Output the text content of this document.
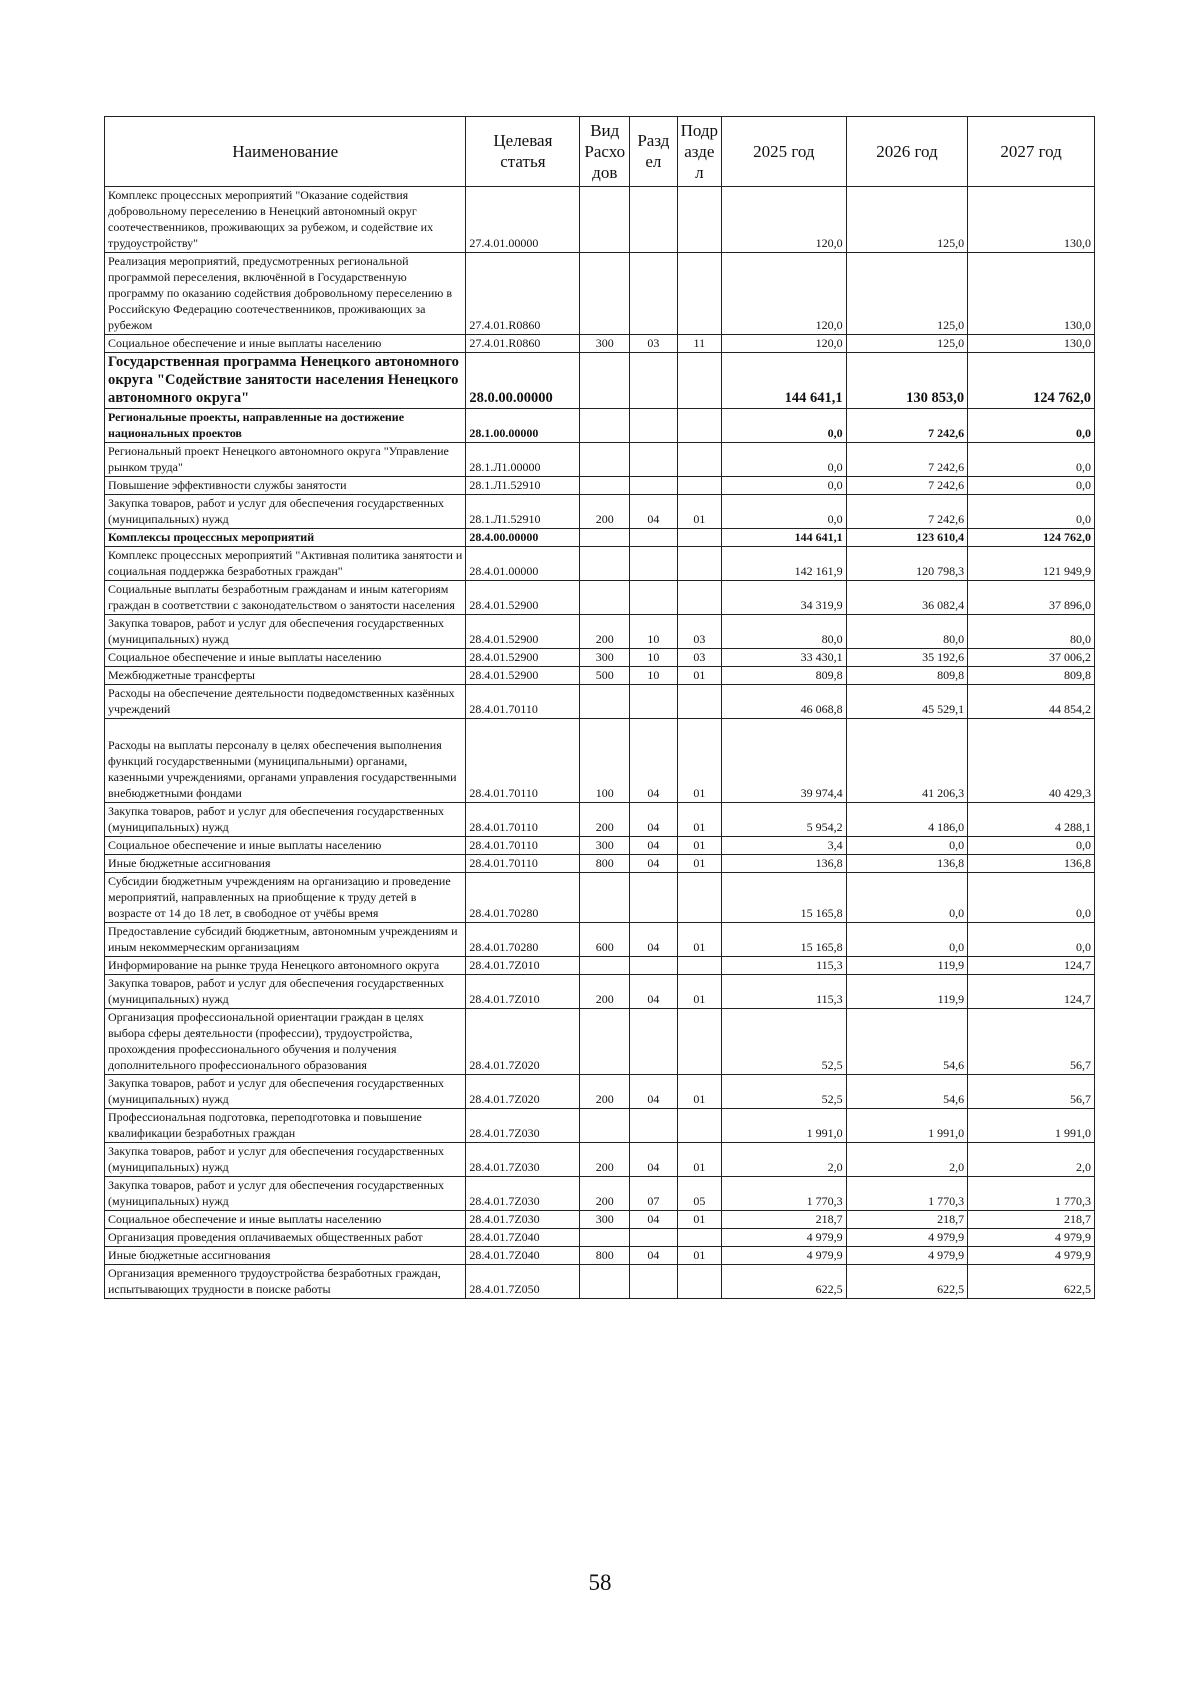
Наименование	Целевая статья	Вид Расхо дов	Разд ел	Подр азде л	2025 год	2026 год	2027 год
Комплекс процессных мероприятий "Оказание содействия добровольному переселению в Ненецкий автономный округ соотечественников, проживающих за рубежом, и содействие их трудоустройству"	27.4.01.00000				120,0	125,0	130,0
Реализация мероприятий, предусмотренных региональной программой переселения, включённой в Государственную программу по оказанию содействия добровольному переселению в Российскую Федерацию соотечественников, проживающих за рубежом	27.4.01.R0860				120,0	125,0	130,0
Социальное обеспечение и иные выплаты населению	27.4.01.R0860	300	03	11	120,0	125,0	130,0
Государственная программа Ненецкого автономного округа "Содействие занятости населения Ненецкого автономного округа"	28.0.00.00000				144 641,1	130 853,0	124 762,0
Региональные проекты, направленные на достижение национальных проектов	28.1.00.00000				0,0	7 242,6	0,0
Региональный проект Ненецкого автономного округа "Управление рынком труда"	28.1.Л1.00000				0,0	7 242,6	0,0
Повышение эффективности службы занятости	28.1.Л1.52910				0,0	7 242,6	0,0
Закупка товаров, работ и услуг для обеспечения государственных (муниципальных) нужд	28.1.Л1.52910	200	04	01	0,0	7 242,6	0,0
Комплексы процессных мероприятий	28.4.00.00000				144 641,1	123 610,4	124 762,0
Комплекс процессных мероприятий "Активная политика занятости и социальная поддержка безработных граждан"	28.4.01.00000				142 161,9	120 798,3	121 949,9
Социальные выплаты безработным гражданам и иным категориям граждан в соответствии с законодательством о занятости населения	28.4.01.52900				34 319,9	36 082,4	37 896,0
Закупка товаров, работ и услуг для обеспечения государственных (муниципальных) нужд	28.4.01.52900	200	10	03	80,0	80,0	80,0
Социальное обеспечение и иные выплаты населению	28.4.01.52900	300	10	03	33 430,1	35 192,6	37 006,2
Межбюджетные трансферты	28.4.01.52900	500	10	01	809,8	809,8	809,8
Расходы на обеспечение деятельности подведомственных казённых учреждений	28.4.01.70110				46 068,8	45 529,1	44 854,2
Расходы на выплаты персоналу в целях обеспечения выполнения функций государственными (муниципальными) органами, казенными учреждениями, органами управления государственными внебюджетными фондами	28.4.01.70110	100	04	01	39 974,4	41 206,3	40 429,3
Закупка товаров, работ и услуг для обеспечения государственных (муниципальных) нужд	28.4.01.70110	200	04	01	5 954,2	4 186,0	4 288,1
Социальное обеспечение и иные выплаты населению	28.4.01.70110	300	04	01	3,4	0,0	0,0
Иные бюджетные ассигнования	28.4.01.70110	800	04	01	136,8	136,8	136,8
Субсидии бюджетным учреждениям на организацию и проведение мероприятий, направленных на приобщение к труду детей в возрасте от 14 до 18 лет, в свободное от учёбы время	28.4.01.70280				15 165,8	0,0	0,0
Предоставление субсидий бюджетным, автономным учреждениям и иным некоммерческим организациям	28.4.01.70280	600	04	01	15 165,8	0,0	0,0
Информирование на рынке труда Ненецкого автономного округа	28.4.01.7Z010				115,3	119,9	124,7
Закупка товаров, работ и услуг для обеспечения государственных (муниципальных) нужд	28.4.01.7Z010	200	04	01	115,3	119,9	124,7
Организация профессиональной ориентации граждан в целях выбора сферы деятельности (профессии), трудоустройства, прохождения профессионального обучения и получения дополнительного профессионального образования	28.4.01.7Z020				52,5	54,6	56,7
Закупка товаров, работ и услуг для обеспечения государственных (муниципальных) нужд	28.4.01.7Z020	200	04	01	52,5	54,6	56,7
Профессиональная подготовка, переподготовка и повышение квалификации безработных граждан	28.4.01.7Z030				1 991,0	1 991,0	1 991,0
Закупка товаров, работ и услуг для обеспечения государственных (муниципальных) нужд	28.4.01.7Z030	200	04	01	2,0	2,0	2,0
Закупка товаров, работ и услуг для обеспечения государственных (муниципальных) нужд	28.4.01.7Z030	200	07	05	1 770,3	1 770,3	1 770,3
Социальное обеспечение и иные выплаты населению	28.4.01.7Z030	300	04	01	218,7	218,7	218,7
Организация проведения оплачиваемых общественных работ	28.4.01.7Z040				4 979,9	4 979,9	4 979,9
Иные бюджетные ассигнования	28.4.01.7Z040	800	04	01	4 979,9	4 979,9	4 979,9
Организация временного трудоустройства безработных граждан, испытывающих трудности в поиске работы	28.4.01.7Z050				622,5	622,5	622,5
58
